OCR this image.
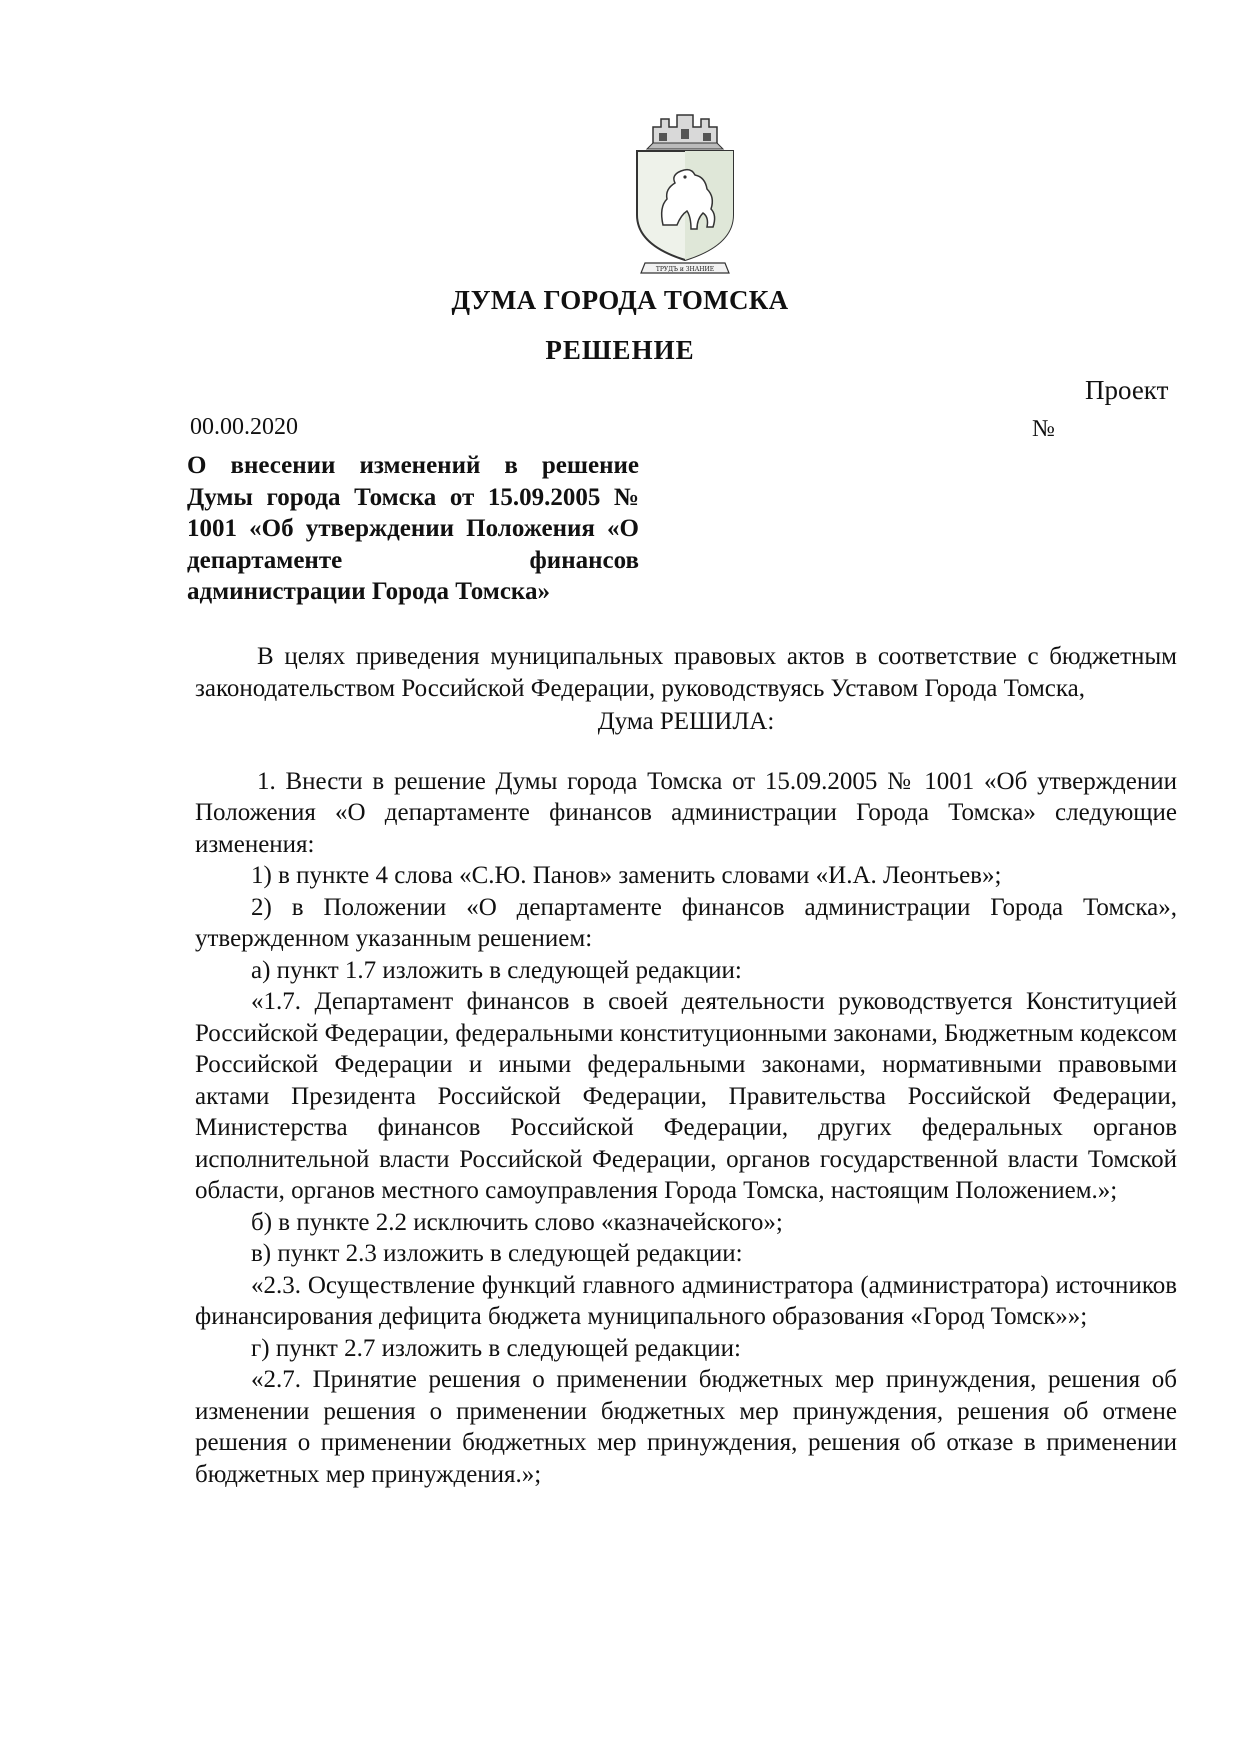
ТРУДЪ и ЗНАНИЕ
ДУМА ГОРОДА ТОМСКА
РЕШЕНИЕ
Проект
00.00.2020	№
О внесении изменений в решение Думы города Томска от 15.09.2005 № 1001 «Об утверждении Положения «О департаменте финансов администрации Города Томска»

В целях приведения муниципальных правовых актов в соответствие с бюджетным законодательством Российской Федерации, руководствуясь Уставом Города Томска,

Дума РЕШИЛА:

1. Внести в решение Думы города Томска от 15.09.2005 № 1001 «Об утверждении Положения «О департаменте финансов администрации Города Томска» следующие изменения:

1) в пункте 4 слова «С.Ю. Панов» заменить словами «И.А. Леонтьев»;

2) в Положении «О департаменте финансов администрации Города Томска», утвержденном указанным решением:

а) пункт 1.7 изложить в следующей редакции:

«1.7. Департамент финансов в своей деятельности руководствуется Конституцией Российской Федерации, федеральными конституционными законами, Бюджетным кодексом Российской Федерации и иными федеральными законами, нормативными правовыми актами Президента Российской Федерации, Правительства Российской Федерации, Министерства финансов Российской Федерации, других федеральных органов исполнительной власти Российской Федерации, органов государственной власти Томской области, органов местного самоуправления Города Томска, настоящим Положением.»;

б) в пункте 2.2 исключить слово «казначейского»;

в) пункт 2.3 изложить в следующей редакции:

«2.3. Осуществление функций главного администратора (администратора) источников финансирования дефицита бюджета муниципального образования «Город Томск»»;

г) пункт 2.7 изложить в следующей редакции:

«2.7. Принятие решения о применении бюджетных мер принуждения, решения об изменении решения о применении бюджетных мер принуждения, решения об отмене решения о применении бюджетных мер принуждения, решения об отказе в применении бюджетных мер принуждения.»;
